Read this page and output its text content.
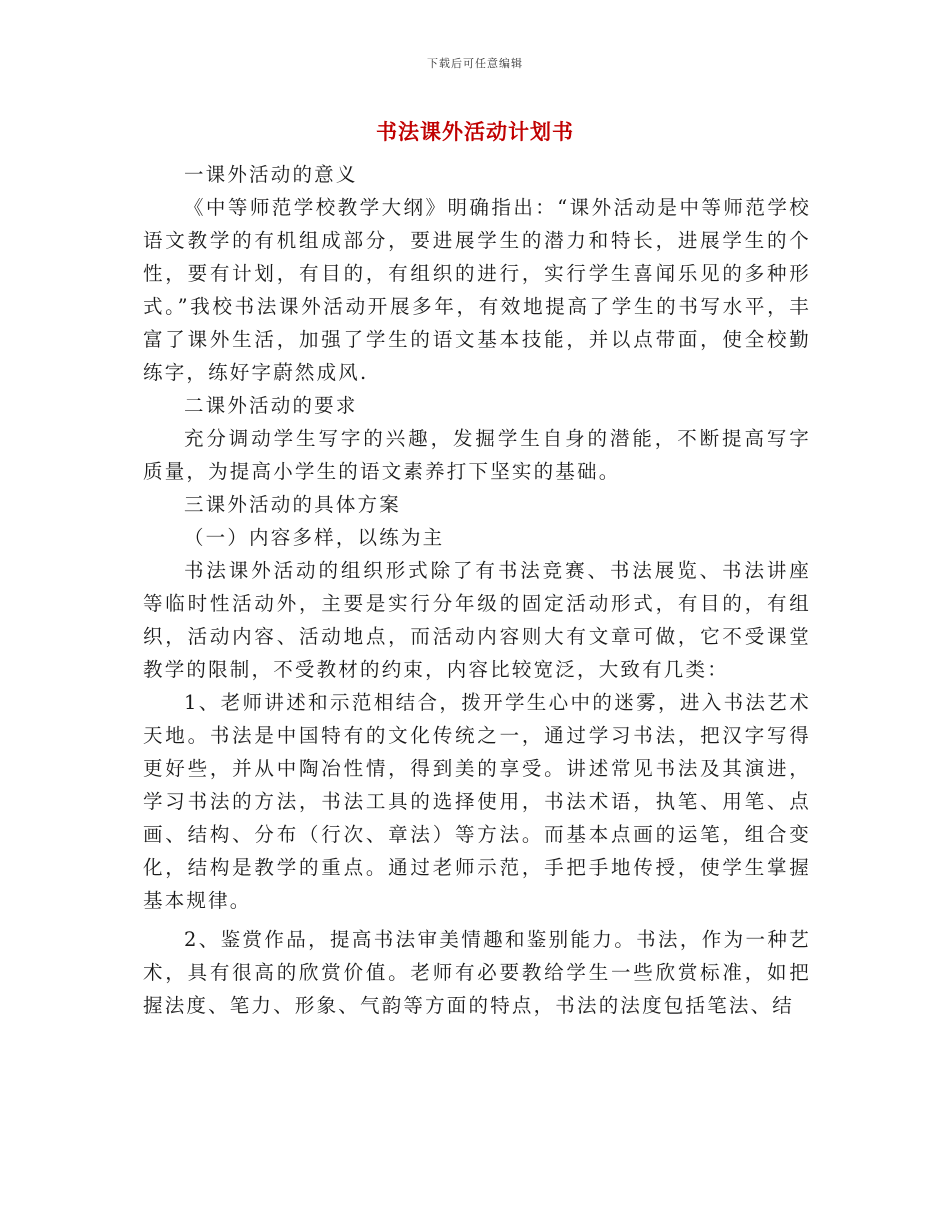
下载后可任意编辑
书法课外活动计划书

一课外活动的意义

《中等师范学校教学大纲》明确指出：“课外活动是中等师范学校语文教学的有机组成部分，要进展学生的潜力和特长，进展学生的个性，要有计划，有目的，有组织的进行，实行学生喜闻乐见的多种形式。”我校书法课外活动开展多年，有效地提高了学生的书写水平，丰富了课外生活，加强了学生的语文基本技能，并以点带面，使全校勤练字，练好字蔚然成风.

二课外活动的要求

充分调动学生写字的兴趣，发掘学生自身的潜能，不断提高写字质量，为提高小学生的语文素养打下坚实的基础。

三课外活动的具体方案

（一）内容多样，以练为主

书法课外活动的组织形式除了有书法竞赛、书法展览、书法讲座等临时性活动外，主要是实行分年级的固定活动形式，有目的，有组织，活动内容、活动地点，而活动内容则大有文章可做，它不受课堂教学的限制，不受教材的约束，内容比较宽泛，大致有几类：

1、老师讲述和示范相结合，拨开学生心中的迷雾，进入书法艺术天地。书法是中国特有的文化传统之一，通过学习书法，把汉字写得更好些，并从中陶冶性情，得到美的享受。讲述常见书法及其演进，学习书法的方法，书法工具的选择使用，书法术语，执笔、用笔、点画、结构、分布（行次、章法）等方法。而基本点画的运笔，组合变化，结构是教学的重点。通过老师示范，手把手地传授，使学生掌握基本规律。

2、鉴赏作品，提高书法审美情趣和鉴别能力。书法，作为一种艺术，具有很高的欣赏价值。老师有必要教给学生一些欣赏标准，如把握法度、笔力、形象、气韵等方面的特点，书法的法度包括笔法、结
